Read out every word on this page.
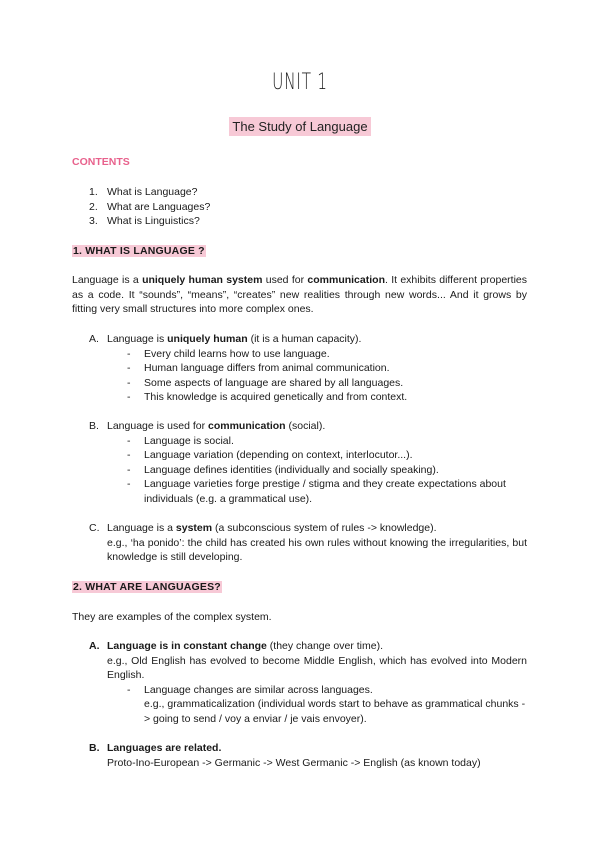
UNIT 1
The Study of Language
CONTENTS
1. What is Language?
2. What are Languages?
3. What is Linguistics?
1. WHAT IS LANGUAGE ?
Language is a uniquely human system used for communication. It exhibits different properties as a code. It “sounds”, “means”, “creates” new realities through new words... And it grows by fitting very small structures into more complex ones.
A. Language is uniquely human (it is a human capacity).
- Every child learns how to use language.
- Human language differs from animal communication.
- Some aspects of language are shared by all languages.
- This knowledge is acquired genetically and from context.
B. Language is used for communication (social).
- Language is social.
- Language variation (depending on context, interlocutor...).
- Language defines identities (individually and socially speaking).
- Language varieties forge prestige / stigma and they create expectations about individuals (e.g. a grammatical use).
C. Language is a system (a subconscious system of rules -> knowledge).
e.g., ‘ha ponido’: the child has created his own rules without knowing the irregularities, but knowledge is still developing.
2. WHAT ARE LANGUAGES?
They are examples of the complex system.
A. Language is in constant change (they change over time).
e.g., Old English has evolved to become Middle English, which has evolved into Modern English.
- Language changes are similar across languages.
e.g., grammaticalization (individual words start to behave as grammatical chunks -> going to send / voy a enviar / je vais envoyer).
B. Languages are related.
Proto-Ino-European -> Germanic -> West Germanic -> English (as known today)
